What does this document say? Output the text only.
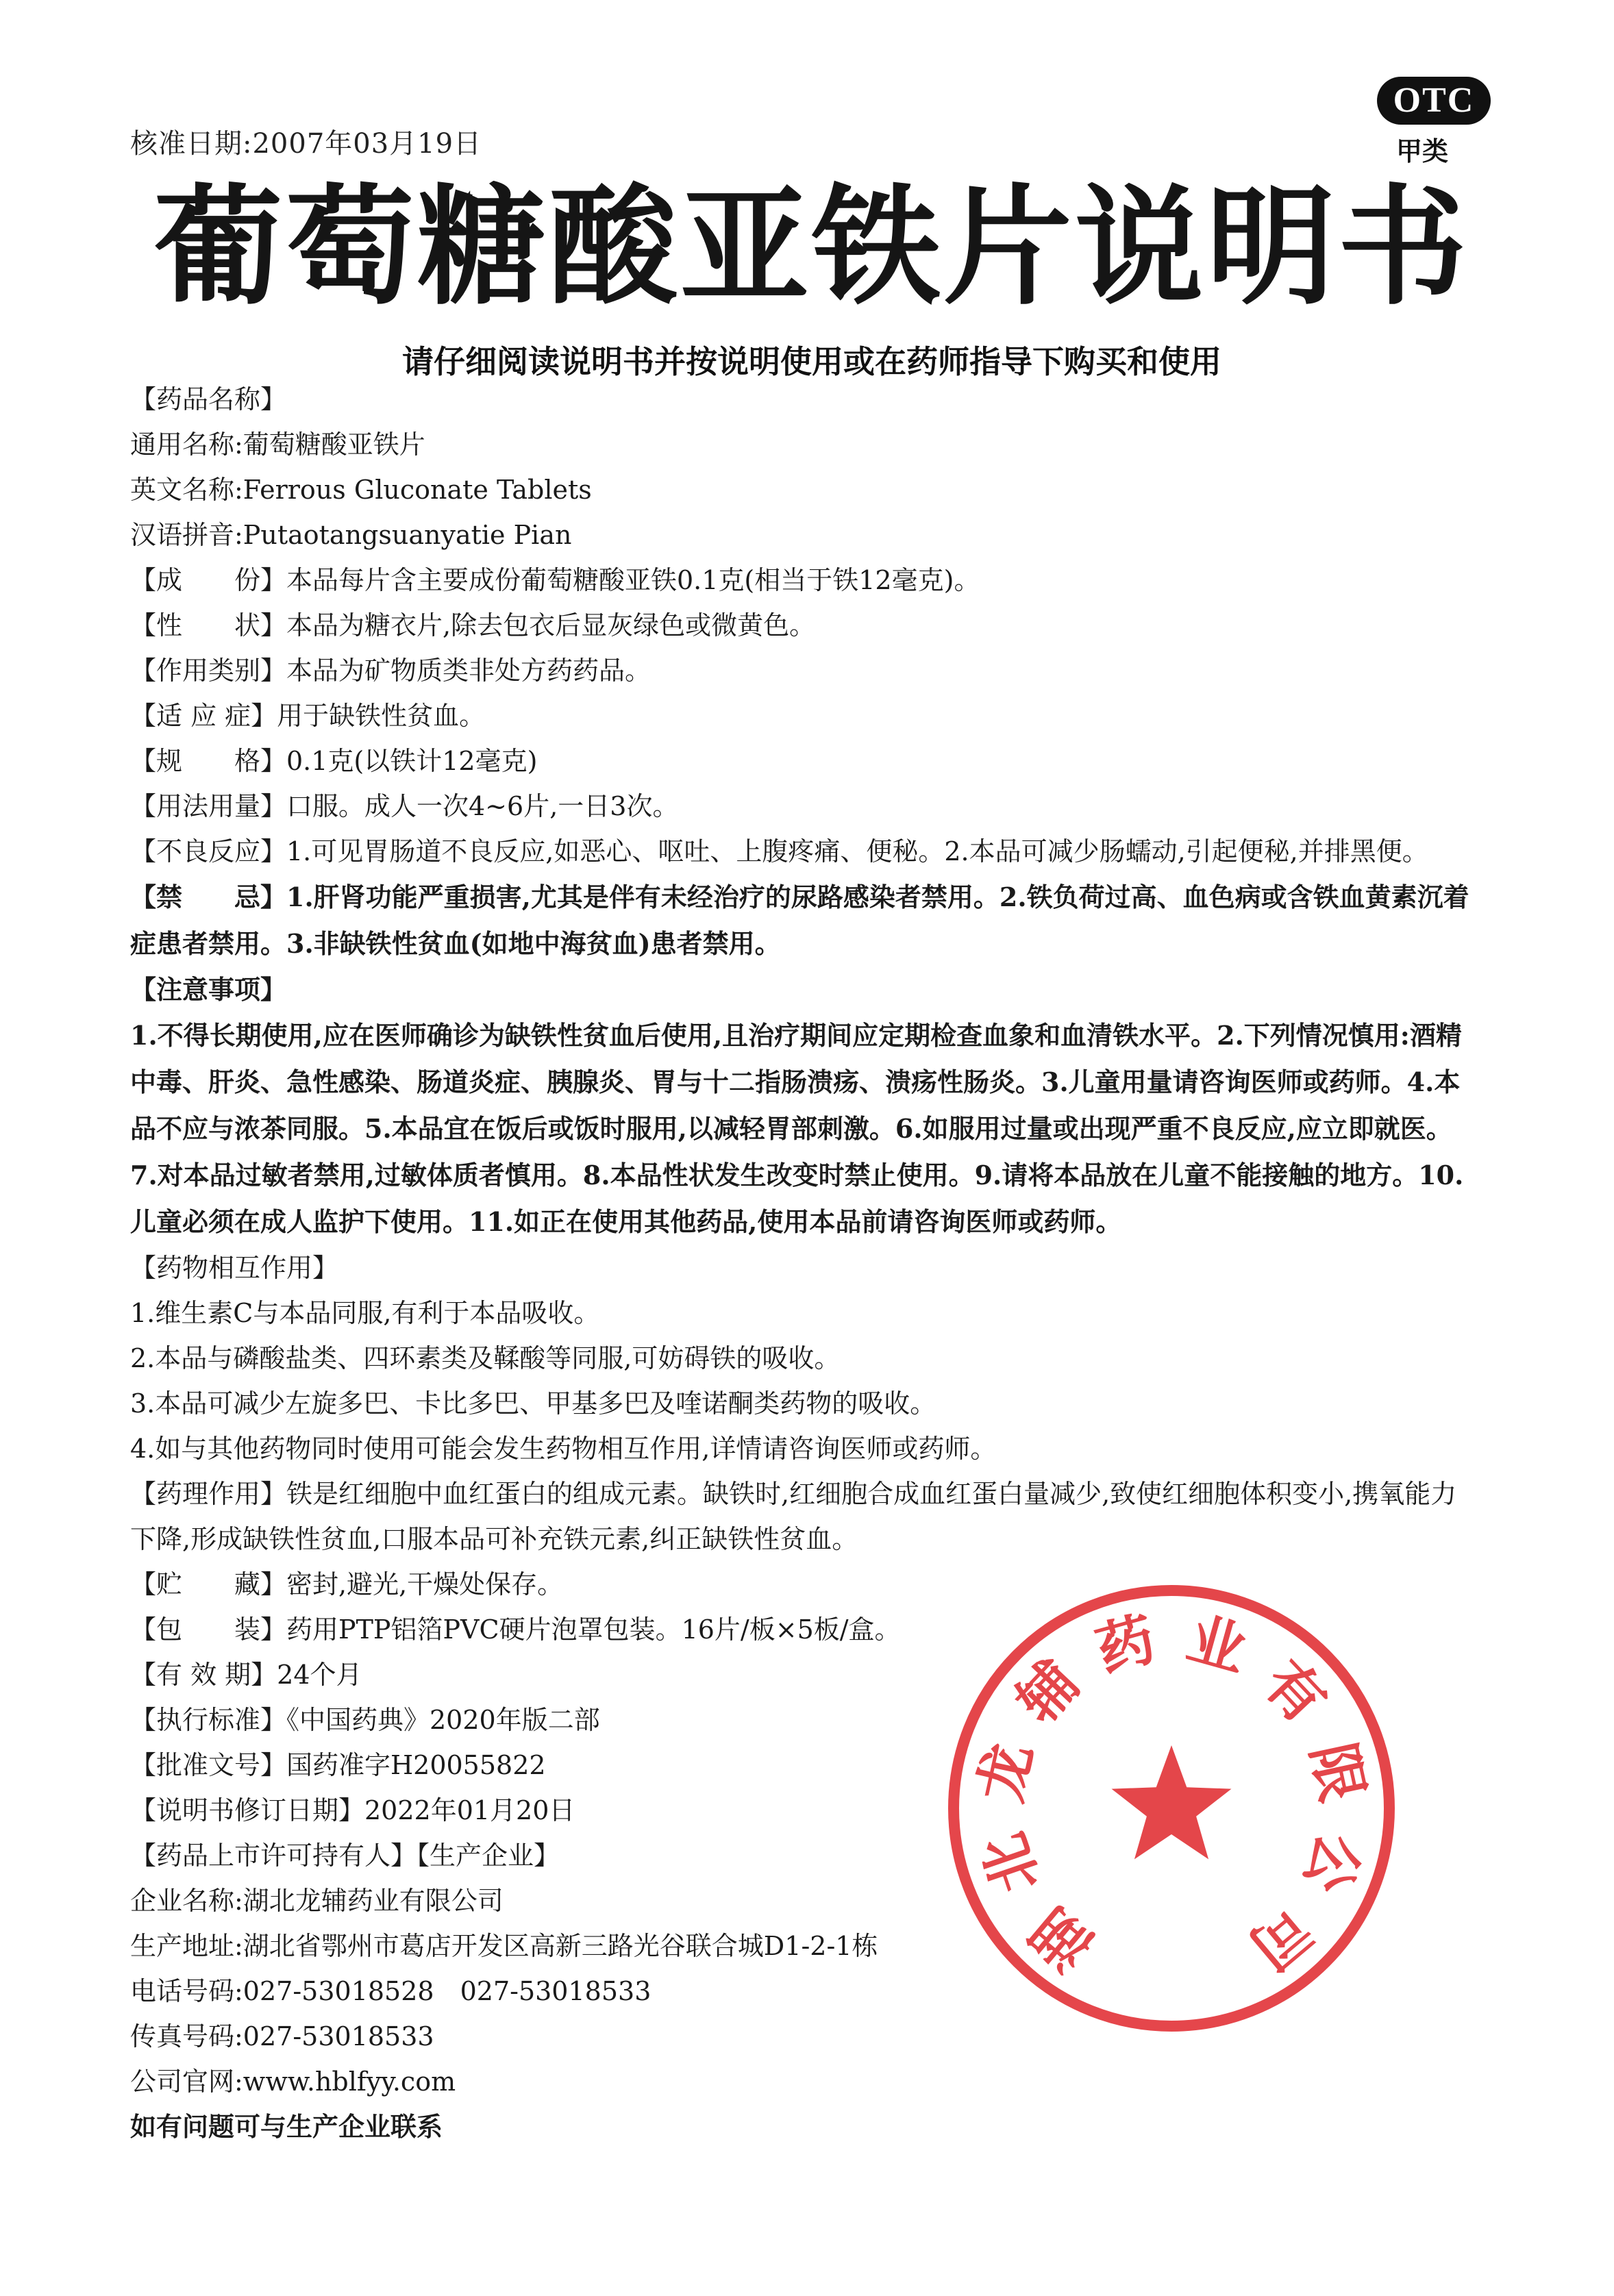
核准日期:2007年03月19日
OTC
甲类
葡萄糖酸亚铁片说明书
请仔细阅读说明书并按说明使用或在药师指导下购买和使用
【药品名称】
通用名称:葡萄糖酸亚铁片
英文名称:Ferrous Gluconate Tablets
汉语拼音:Putaotangsuanyatie Pian
【成　　份】本品每片含主要成份葡萄糖酸亚铁0.1克(相当于铁12毫克)。
【性　　状】本品为糖衣片,除去包衣后显灰绿色或微黄色。
【作用类别】本品为矿物质类非处方药药品。
【适 应 症】用于缺铁性贫血。
【规　　格】0.1克(以铁计12毫克)
【用法用量】口服。成人一次4~6片,一日3次。
【不良反应】1.可见胃肠道不良反应,如恶心、呕吐、上腹疼痛、便秘。2.本品可减少肠蠕动,引起便秘,并排黑便。
【禁　　忌】1.肝肾功能严重损害,尤其是伴有未经治疗的尿路感染者禁用。2.铁负荷过高、血色病或含铁血黄素沉着症患者禁用。3.非缺铁性贫血(如地中海贫血)患者禁用。
【注意事项】
1.不得长期使用,应在医师确诊为缺铁性贫血后使用,且治疗期间应定期检查血象和血清铁水平。2.下列情况慎用:酒精中毒、肝炎、急性感染、肠道炎症、胰腺炎、胃与十二指肠溃疡、溃疡性肠炎。3.儿童用量请咨询医师或药师。4.本品不应与浓茶同服。5.本品宜在饭后或饭时服用,以减轻胃部刺激。6.如服用过量或出现严重不良反应,应立即就医。7.对本品过敏者禁用,过敏体质者慎用。8.本品性状发生改变时禁止使用。9.请将本品放在儿童不能接触的地方。10.儿童必须在成人监护下使用。11.如正在使用其他药品,使用本品前请咨询医师或药师。
【药物相互作用】
1.维生素C与本品同服,有利于本品吸收。
2.本品与磷酸盐类、四环素类及鞣酸等同服,可妨碍铁的吸收。
3.本品可减少左旋多巴、卡比多巴、甲基多巴及喹诺酮类药物的吸收。
4.如与其他药物同时使用可能会发生药物相互作用,详情请咨询医师或药师。
【药理作用】铁是红细胞中血红蛋白的组成元素。缺铁时,红细胞合成血红蛋白量减少,致使红细胞体积变小,携氧能力下降,形成缺铁性贫血,口服本品可补充铁元素,纠正缺铁性贫血。
【贮　　藏】密封,避光,干燥处保存。
【包　　装】药用PTP铝箔PVC硬片泡罩包装。16片/板×5板/盒。
【有 效 期】24个月
【执行标准】《中国药典》2020年版二部
【批准文号】国药准字H20055822
【说明书修订日期】2022年01月20日
【药品上市许可持有人】【生产企业】
企业名称:湖北龙辅药业有限公司
生产地址:湖北省鄂州市葛店开发区高新三路光谷联合城D1-2-1栋
电话号码:027-53018528　027-53018533
传真号码:027-53018533
公司官网:www.hblfyy.com
如有问题可与生产企业联系
湖
北
龙
辅
药 业
有
限
公
司
